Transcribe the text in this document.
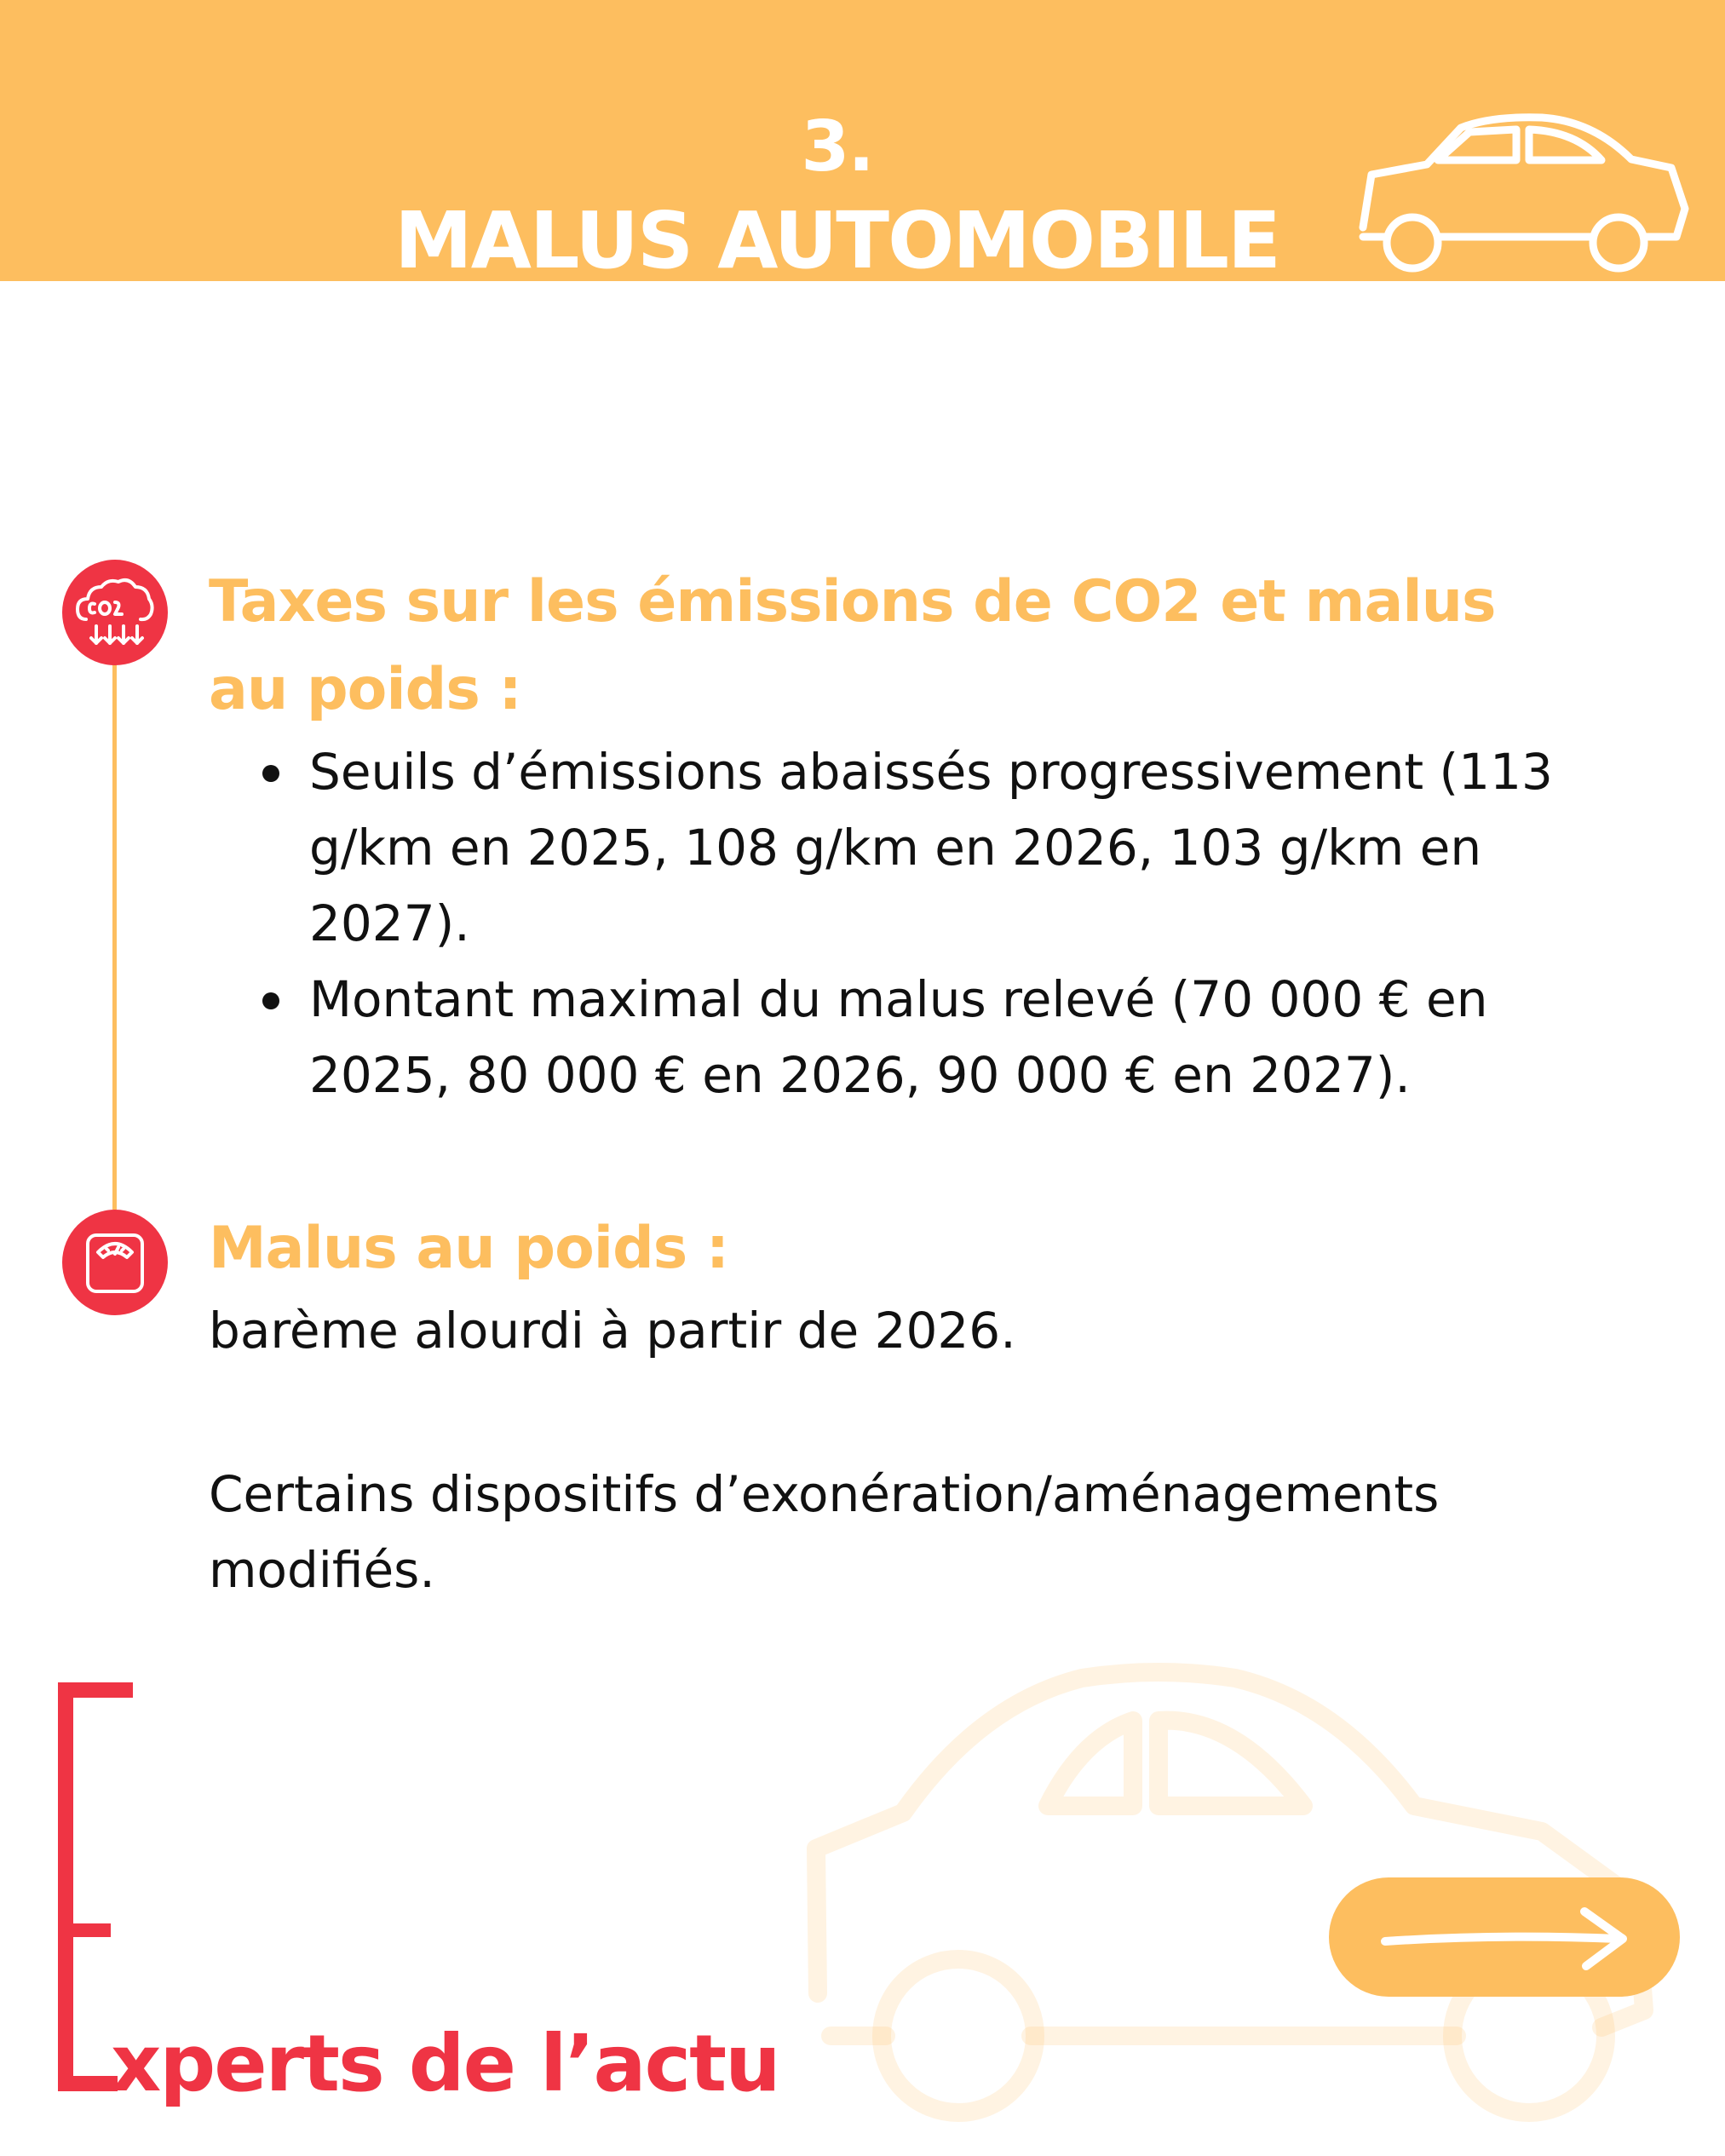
3.
MALUS AUTOMOBILE
Taxes sur les émissions de CO2 et malus au poids :
Seuils d’émissions abaissés progressivement (113 g/km en 2025, 108 g/km en 2026, 103 g/km en 2027).
Montant maximal du malus relevé (70 000 € en 2025, 80 000 € en 2026, 90 000 € en 2027).
Malus au poids :
barème alourdi à partir de 2026.
Certains dispositifs d’exonération/aménagements modifiés.
xperts de l’actu
